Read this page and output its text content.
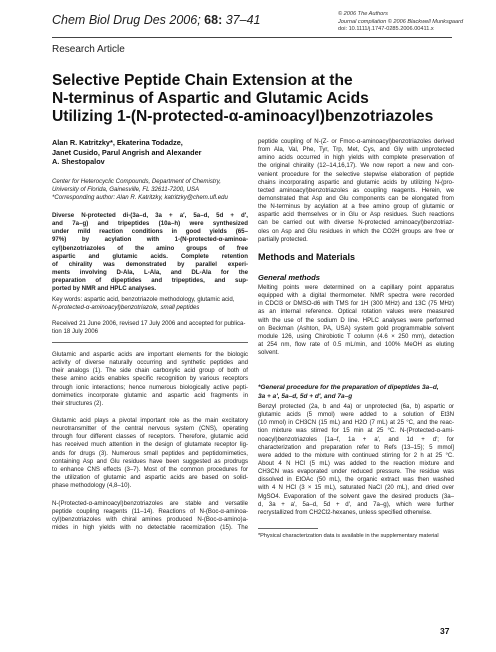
Chem Biol Drug Des 2006; 68: 37–41	© 2006 The Authors
Journal compilation © 2006 Blackwell Munksgaard
doi: 10.1111/j.1747-0285.2006.00411.x
Research Article
Selective Peptide Chain Extension at the
N-terminus of Aspartic and Glutamic Acids
Utilizing 1-(N-protected-α-aminoacyl)benzotriazoles
Alan R. Katritzky*, Ekaterina Todadze,
Janet Cusido, Parul Angrish and Alexander
A. Shestopalov
Center for Heterocyclic Compounds, Department of Chemistry,
University of Florida, Gainesville, FL 32611-7200, USA
*Corresponding author: Alan R. Katritzky, katritzky@chem.ufl.edu
Diverse N-protected di-(3a–d, 3a + a′, 5a–d, 5d + d′,
and 7a–g) and tripeptides (10a–h) were synthesized
under mild reaction conditions in good yields (65–
97%) by acylation with 1-(N-protected-α-aminoa-
cyl)benzotriazoles of the amino groups of free
aspartic and glutamic acids. Complete retention
of chirality was demonstrated by parallel experi-
ments involving D-Ala, L-Ala, and DL-Ala for the
preparation of dipeptides and tripeptides, and sup-
ported by NMR and HPLC analyses.
Key words: aspartic acid, benzotriazole methodology, glutamic acid,
N-protected-α-aminoacyl)benzotriazole, small peptides
Received 21 June 2006, revised 17 July 2006 and accepted for publica-
tion 18 July 2006
Glutamic and aspartic acids are important elements for the biologic
activity of diverse naturally occurring and synthetic peptides and
their analogs (1). The side chain carboxylic acid group of both of
these amino acids enables specific recognition by various receptors
through ionic interactions; hence numerous biologically active pepti-
domimetics incorporate glutamic and aspartic acid fragments in
their structures (2).
Glutamic acid plays a pivotal important role as the main excitatory
neurotransmitter of the central nervous system (CNS), operating
through four different classes of receptors. Therefore, glutamic acid
has received much attention in the design of glutamate receptor lig-
ands for drugs (3). Numerous small peptides and peptidomimetics,
containing Asp and Glu residues have been suggested as prodrugs
to enhance CNS effects (3–7). Most of the common procedures for
the utilization of glutamic and aspartic acids are based on solid-
phase methodology (4,8–10).
N-(Protected-α-aminoacyl)benzotriazoles are stable and versatile
peptide coupling reagents (11–14). Reactions of N-(Boc-α-aminoa-
cyl)benzotriazoles with chiral amines produced N-(Boc-α-amino)a-
mides in high yields with no detectable racemization (15). The
peptide coupling of N-(Z- or Fmoc-α-aminoacyl)benzotriazoles derived
from Ala, Val, Phe, Tyr, Trp, Met, Cys, and Gly with unprotected
amino acids occurred in high yields with complete preservation of
the original chirality (12–14,16,17). We now report a new and con-
venient procedure for the selective stepwise elaboration of peptide
chains incorporating aspartic and glutamic acids by utilizing N-(pro-
tected aminoacyl)benzotriazoles as coupling reagents. Herein, we
demonstrated that Asp and Glu components can be elongated from
the N-terminus by acylation at a free amino group of glutamic or
aspartic acid themselves or in Glu or Asp residues. Such reactions
can be carried out with diverse N-protected aminoacyl)benzotriaz-
oles on Asp and Glu residues in which the CO2H groups are free or
partially protected.
Methods and Materials
General methods
Melting points were determined on a capillary point apparatus
equipped with a digital thermometer. NMR spectra were recorded
in CDCl3 or DMSO-d6 with TMS for 1H (300 MHz) and 13C (75 MHz)
as an internal reference. Optical rotation values were measured
with the use of the sodium D line. HPLC analyses were performed
on Beckman (Ashton, PA, USA) system gold programmable solvent
module 126, using Chirobiotic T column (4.6 × 250 mm), detection
at 254 nm, flow rate of 0.5 mL/min, and 100% MeOH as eluting
solvent.
*General procedure for the preparation of dipeptides 3a–d,
3a + a′, 5a–d, 5d + d′, and 7a–g
Benzyl protected (2a, b and 4a) or unprotected (6a, b) aspartic or
glutamic acids (5 mmol) were added to a solution of Et3N
(10 mmol) in CH3CN (15 mL) and H2O (7 mL) at 25 °C, and the reac-
tion mixture was stirred for 15 min at 25 °C. N-(Protected-α-ami-
noacyl)benzotriazoles [1a–f, 1a + a′, and 1d + d′; for
characterization and preparation refer to Refs (13–15); 5 mmol]
were added to the mixture with continued stirring for 2 h at 25 °C.
About 4 N HCl (5 mL) was added to the reaction mixture and
CH3CN was evaporated under reduced pressure. The residue was
dissolved in EtOAc (50 mL), the organic extract was then washed
with 4 N HCl (3 × 15 mL), saturated NaCl (20 mL), and dried over
MgSO4. Evaporation of the solvent gave the desired products (3a–
d, 3a + a′, 5a–d, 5d + d′, and 7a–g), which were further
recrystallized from CH2Cl2-hexanes, unless specified otherwise.
*Physical characterization data is available in the supplementary material
37
